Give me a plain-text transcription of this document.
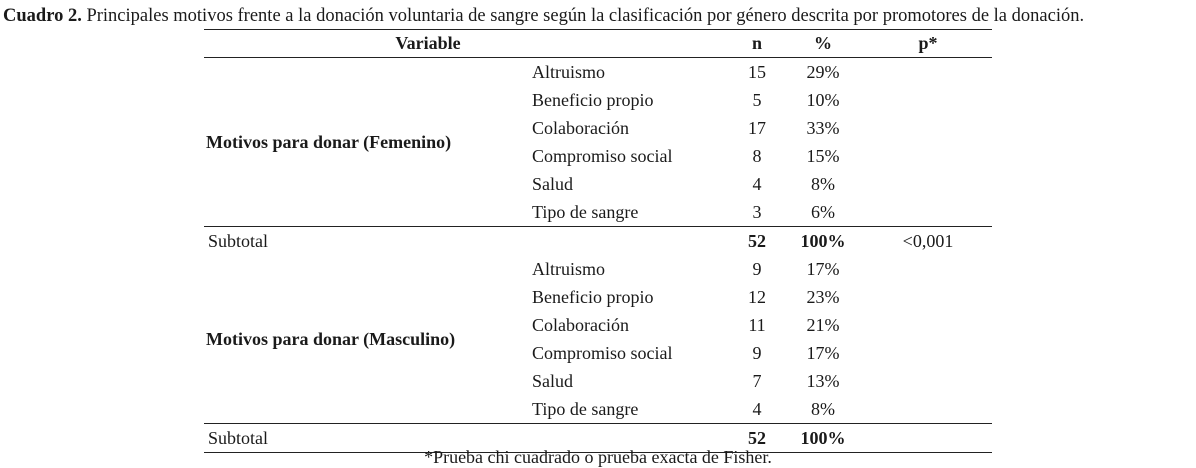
Cuadro 2. Principales motivos frente a la donación voluntaria de sangre según la clasificación por género descrita por promotores de la donación.
Variable		n	%	p*
Motivos para donar (Femenino)	Altruismo	15	29%	
	Beneficio propio	5	10%	
	Colaboración	17	33%	
	Compromiso social	8	15%	
	Salud	4	8%	
	Tipo de sangre	3	6%	
Subtotal		52	100%	<0,001
Motivos para donar (Masculino)	Altruismo	9	17%	
	Beneficio propio	12	23%	
	Colaboración	11	21%	
	Compromiso social	9	17%	
	Salud	7	13%	
	Tipo de sangre	4	8%	
Subtotal		52	100%	
*Prueba chi cuadrado o prueba exacta de Fisher.
